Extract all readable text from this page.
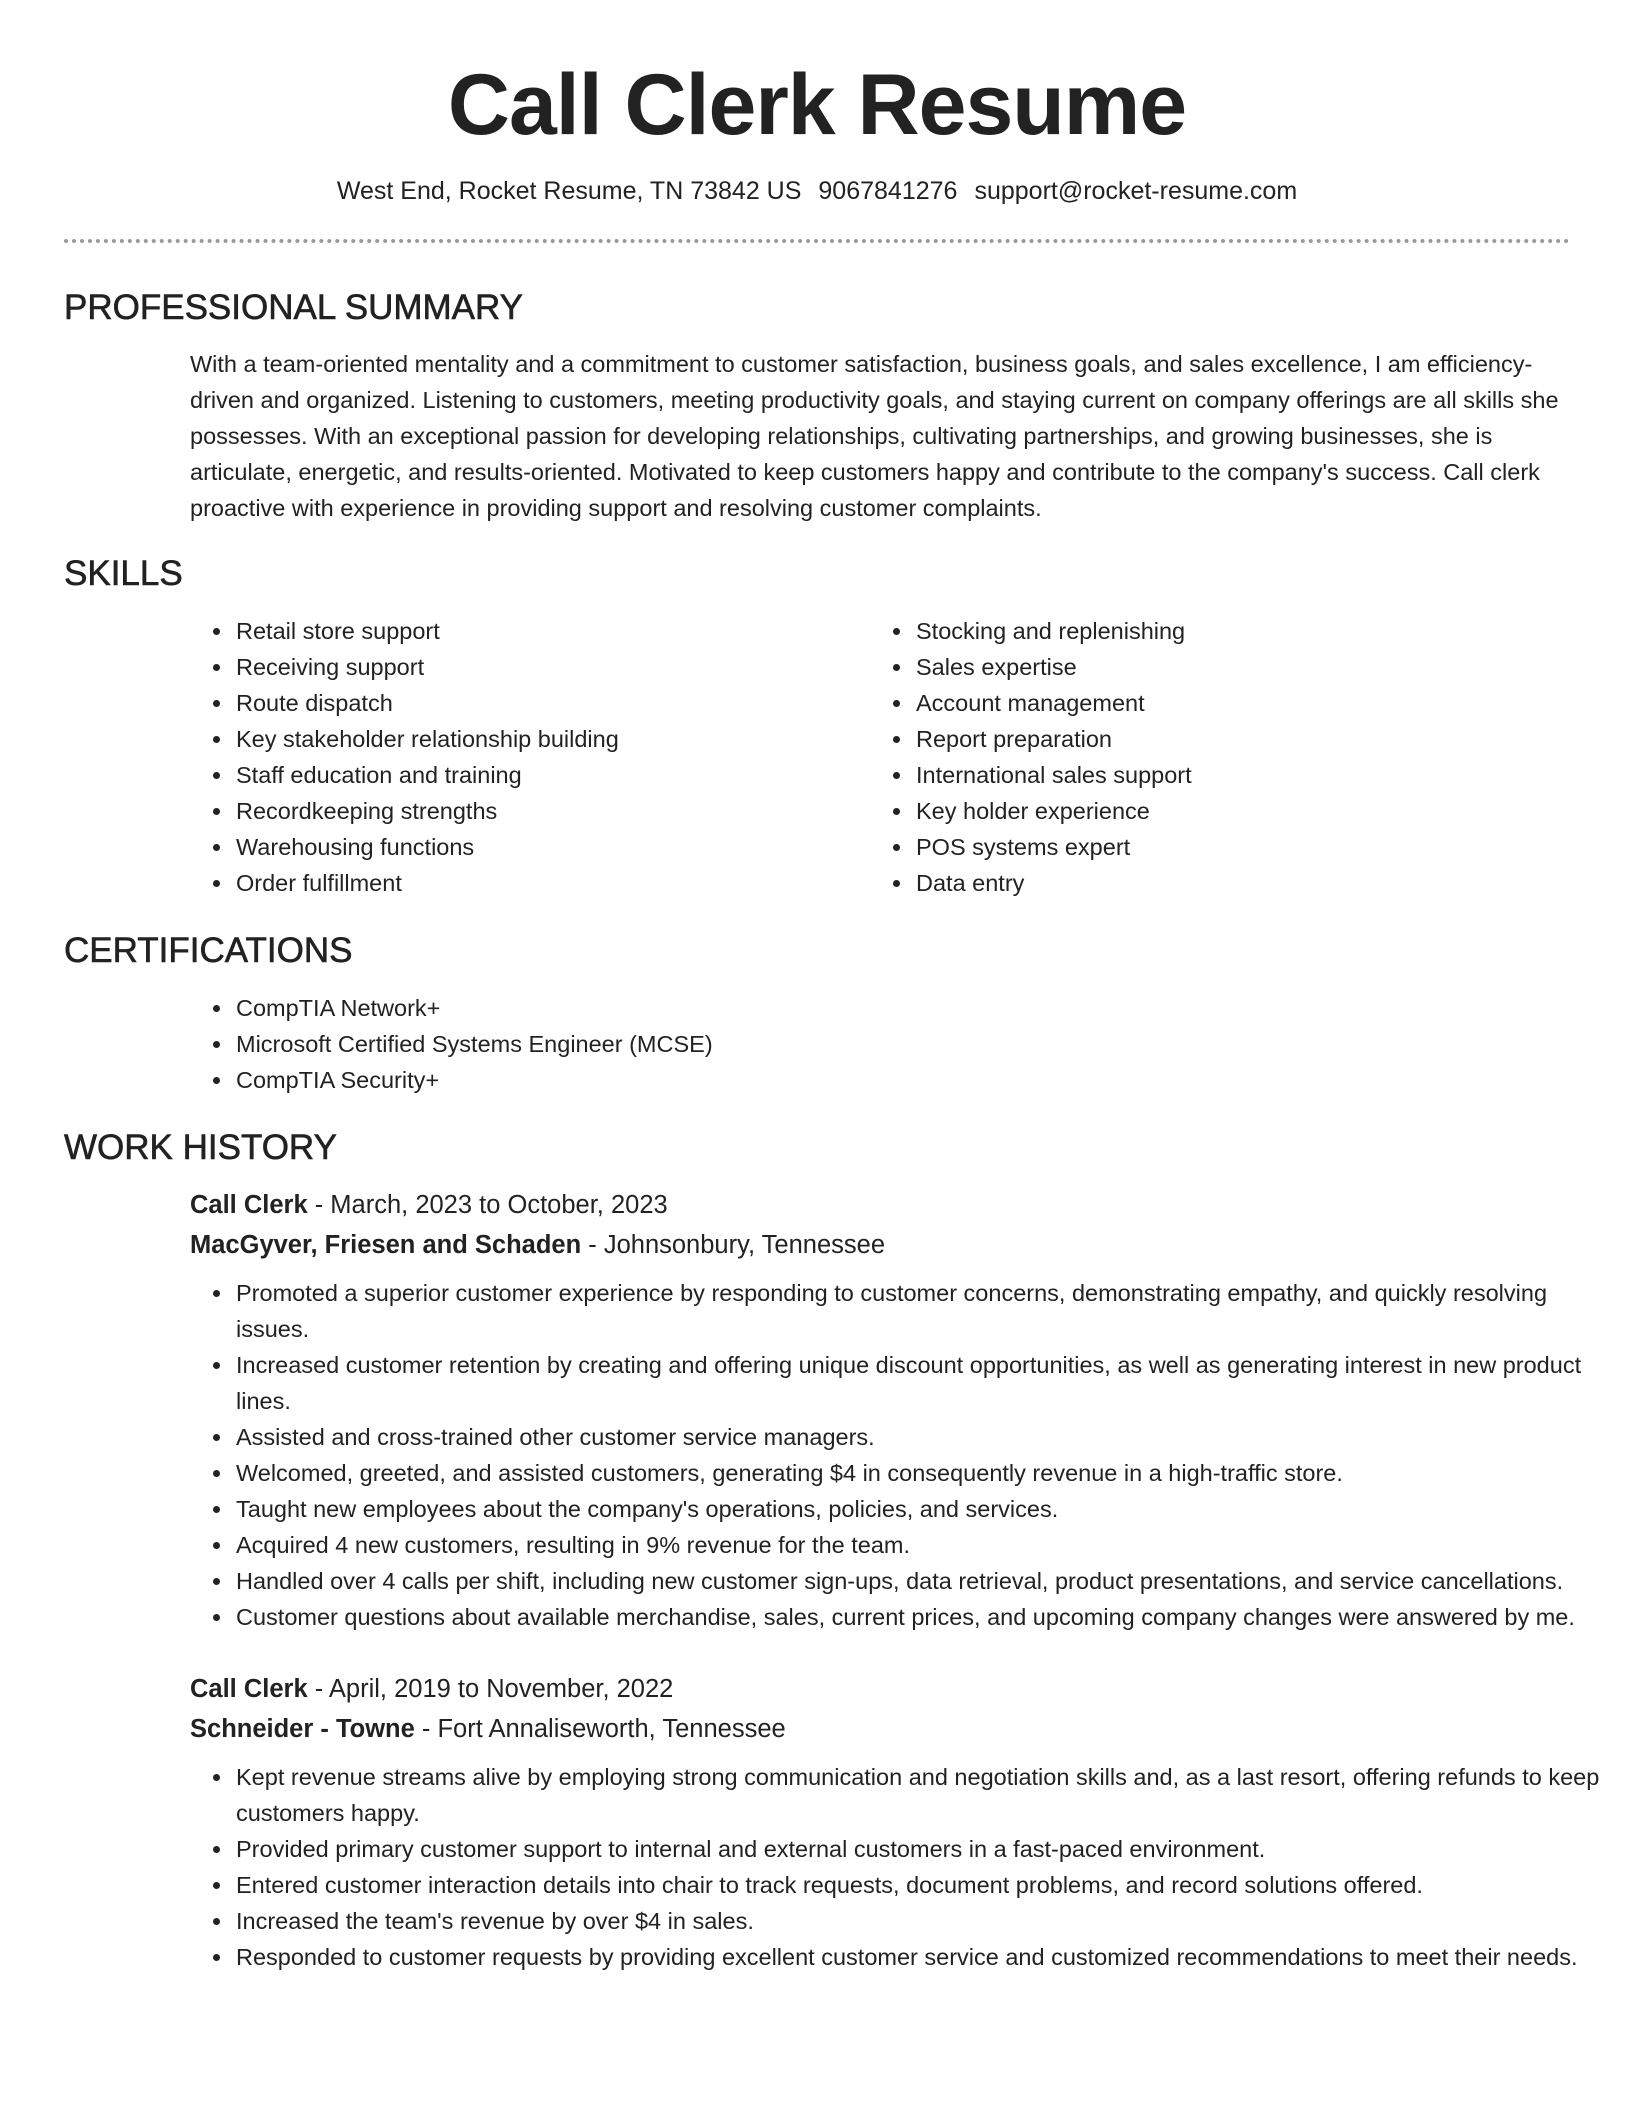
Call Clerk Resume
West End, Rocket Resume, TN 73842 US 9067841276 support@rocket-resume.com
PROFESSIONAL SUMMARY

With a team-oriented mentality and a commitment to customer satisfaction, business goals, and sales excellence, I am efficiency-driven and organized. Listening to customers, meeting productivity goals, and staying current on company offerings are all skills she possesses. With an exceptional passion for developing relationships, cultivating partnerships, and growing businesses, she is articulate, energetic, and results-oriented. Motivated to keep customers happy and contribute to the company's success. Call clerk proactive with experience in providing support and resolving customer complaints.

SKILLS
• Retail store support
• Receiving support
• Route dispatch
• Key stakeholder relationship building
• Staff education and training
• Recordkeeping strengths
• Warehousing functions
• Order fulfillment
• Stocking and replenishing
• Sales expertise
• Account management
• Report preparation
• International sales support
• Key holder experience
• POS systems expert
• Data entry
CERTIFICATIONS
• CompTIA Network+
• Microsoft Certified Systems Engineer (MCSE)
• CompTIA Security+
WORK HISTORY
Call Clerk - March, 2023 to October, 2023
MacGyver, Friesen and Schaden - Johnsonbury, Tennessee
• Promoted a superior customer experience by responding to customer concerns, demonstrating empathy, and quickly resolving issues.
• Increased customer retention by creating and offering unique discount opportunities, as well as generating interest in new product lines.
• Assisted and cross-trained other customer service managers.
• Welcomed, greeted, and assisted customers, generating $4 in consequently revenue in a high-traffic store.
• Taught new employees about the company's operations, policies, and services.
• Acquired 4 new customers, resulting in 9% revenue for the team.
• Handled over 4 calls per shift, including new customer sign-ups, data retrieval, product presentations, and service cancellations.
• Customer questions about available merchandise, sales, current prices, and upcoming company changes were answered by me.
Call Clerk - April, 2019 to November, 2022
Schneider - Towne - Fort Annaliseworth, Tennessee
• Kept revenue streams alive by employing strong communication and negotiation skills and, as a last resort, offering refunds to keep customers happy.
• Provided primary customer support to internal and external customers in a fast-paced environment.
• Entered customer interaction details into chair to track requests, document problems, and record solutions offered.
• Increased the team's revenue by over $4 in sales.
• Responded to customer requests by providing excellent customer service and customized recommendations to meet their needs.
